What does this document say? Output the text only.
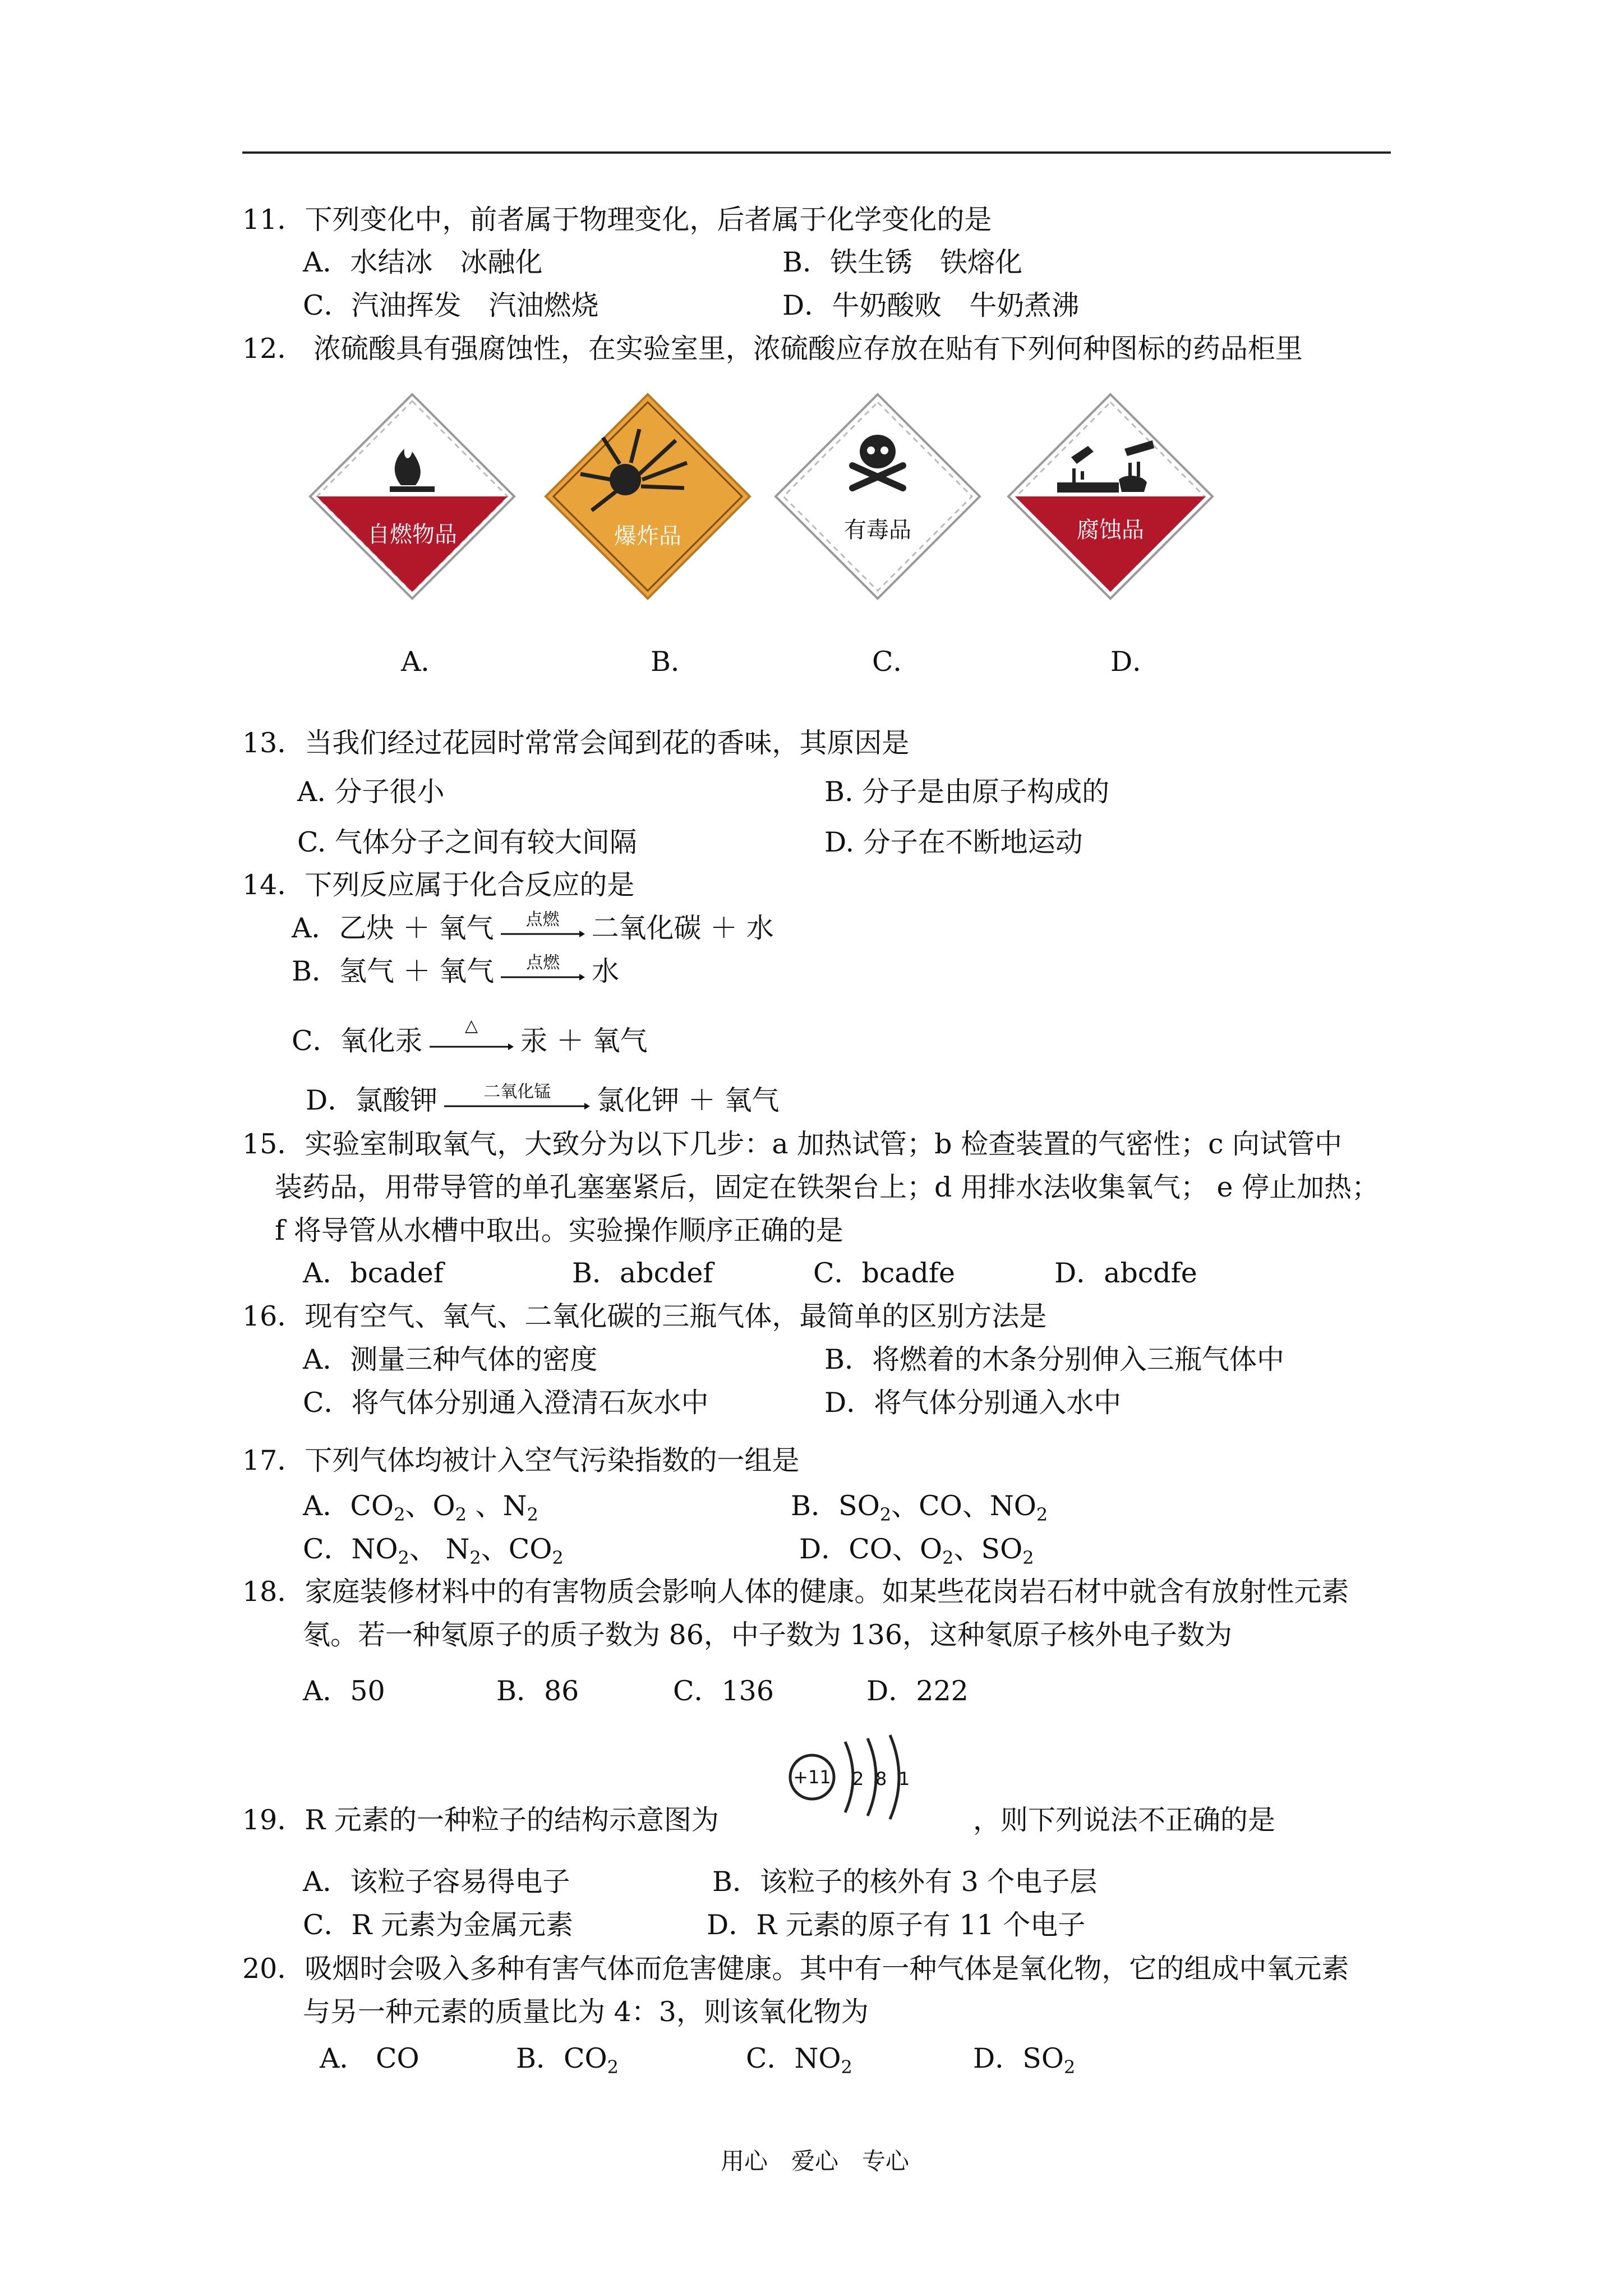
11．下列变化中，前者属于物理变化，后者属于化学变化的是
A．水结冰　冰融化	B．铁生锈　铁熔化
C．汽油挥发　汽油燃烧	D．牛奶酸败　牛奶煮沸
12． 浓硫酸具有强腐蚀性，在实验室里，浓硫酸应存放在贴有下列何种图标的药品柜里
自燃物品	爆炸品	有毒品	腐蚀品
A．	B．	C．	D．
13．当我们经过花园时常常会闻到花的香味，其原因是
A. 分子很小	B. 分子是由原子构成的
C. 气体分子之间有较大间隔	D. 分子在不断地运动
14．下列反应属于化合反应的是
A．乙炔 ＋ 氧气	点燃	二氧化碳 ＋ 水
B．氢气 ＋ 氧气	点燃	水
C．氧化汞	△	汞 ＋ 氧气
D．氯酸钾	二氧化锰	氯化钾 ＋ 氧气
15．实验室制取氧气，大致分为以下几步：a 加热试管；b 检查装置的气密性；c 向试管中
装药品，用带导管的单孔塞塞紧后，固定在铁架台上；d 用排水法收集氧气； e 停止加热；
f 将导管从水槽中取出。实验操作顺序正确的是
A．bcadef	B．abcdef	C．bcadfe	D．abcdfe
16．现有空气、氧气、二氧化碳的三瓶气体，最简单的区别方法是
A．测量三种气体的密度	B．将燃着的木条分别伸入三瓶气体中
C．将气体分别通入澄清石灰水中	D．将气体分别通入水中
17．下列气体均被计入空气污染指数的一组是
A．$CO_2$、$O_2$ 、$N_2$	B．$SO_2$、CO、$NO_2$
C．$NO_2$、 $N_2$、$CO_2$	D．CO、$O_2$、$SO_2$
18．家庭装修材料中的有害物质会影响人体的健康。如某些花岗岩石材中就含有放射性元素
氡。若一种氡原子的质子数为 86，中子数为 136，这种氡原子核外电子数为
A．50	B．86	C．136	D．222
+11 2 8 1
19．R 元素的一种粒子的结构示意图为	，则下列说法不正确的是
A．该粒子容易得电子	B．该粒子的核外有 3 个电子层
C．R 元素为金属元素	D．R 元素的原子有 11 个电子
20．吸烟时会吸入多种有害气体而危害健康。其中有一种气体是氧化物，它的组成中氧元素
与另一种元素的质量比为 4：3，则该氧化物为
A． CO	B．$CO_2$	C．$NO_2$	D．$SO_2$
用心　爱心　专心
